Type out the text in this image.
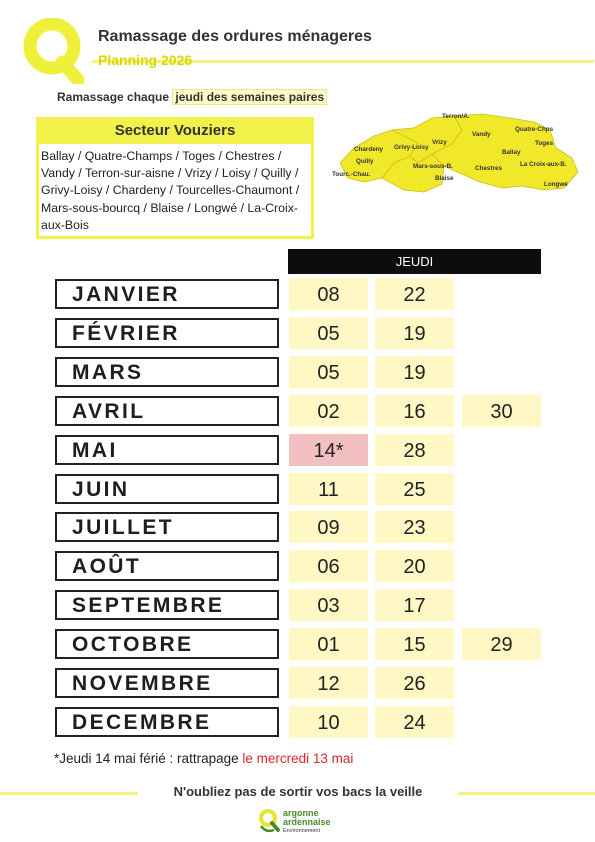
Ramassage des ordures ménageres
Planning 2026
Ramassage chaque jeudi des semaines paires
Secteur Vouziers
Ballay / Quatre-Champs / Toges / Chestres / Vandy / Terron-sur-aisne / Vrizy / Loisy / Quilly / Grivy-Loisy / Chardeny / Tourcelles-Chaumont / Mars-sous-bourcq / Blaise / Longwé / La-Croix-aux-Bois
Terron/A.
Vrizy
Vandy
Quatre-Chps
Toges
Chardeny Grivy-Loisy
Ballay
Quilly
Mars-sous-B.	La Croix-aux-B.
Chestres
Tourc.-Chau.
Blaise
Longwé
JEUDI
JANVIER	08	22
FÉVRIER	05	19
MARS	05	19
AVRIL	02	16	30
MAI	14*	28
JUIN	11	25
JUILLET	09	23
AOÛT	06	20
SEPTEMBRE	03	17
OCTOBRE	01	15	29
NOVEMBRE	12	26
DECEMBRE	10	24
*Jeudi 14 mai férié : rattrapage le mercredi 13 mai
N'oubliez pas de sortir vos bacs la veille
argonne
ardennaise
Environnement
